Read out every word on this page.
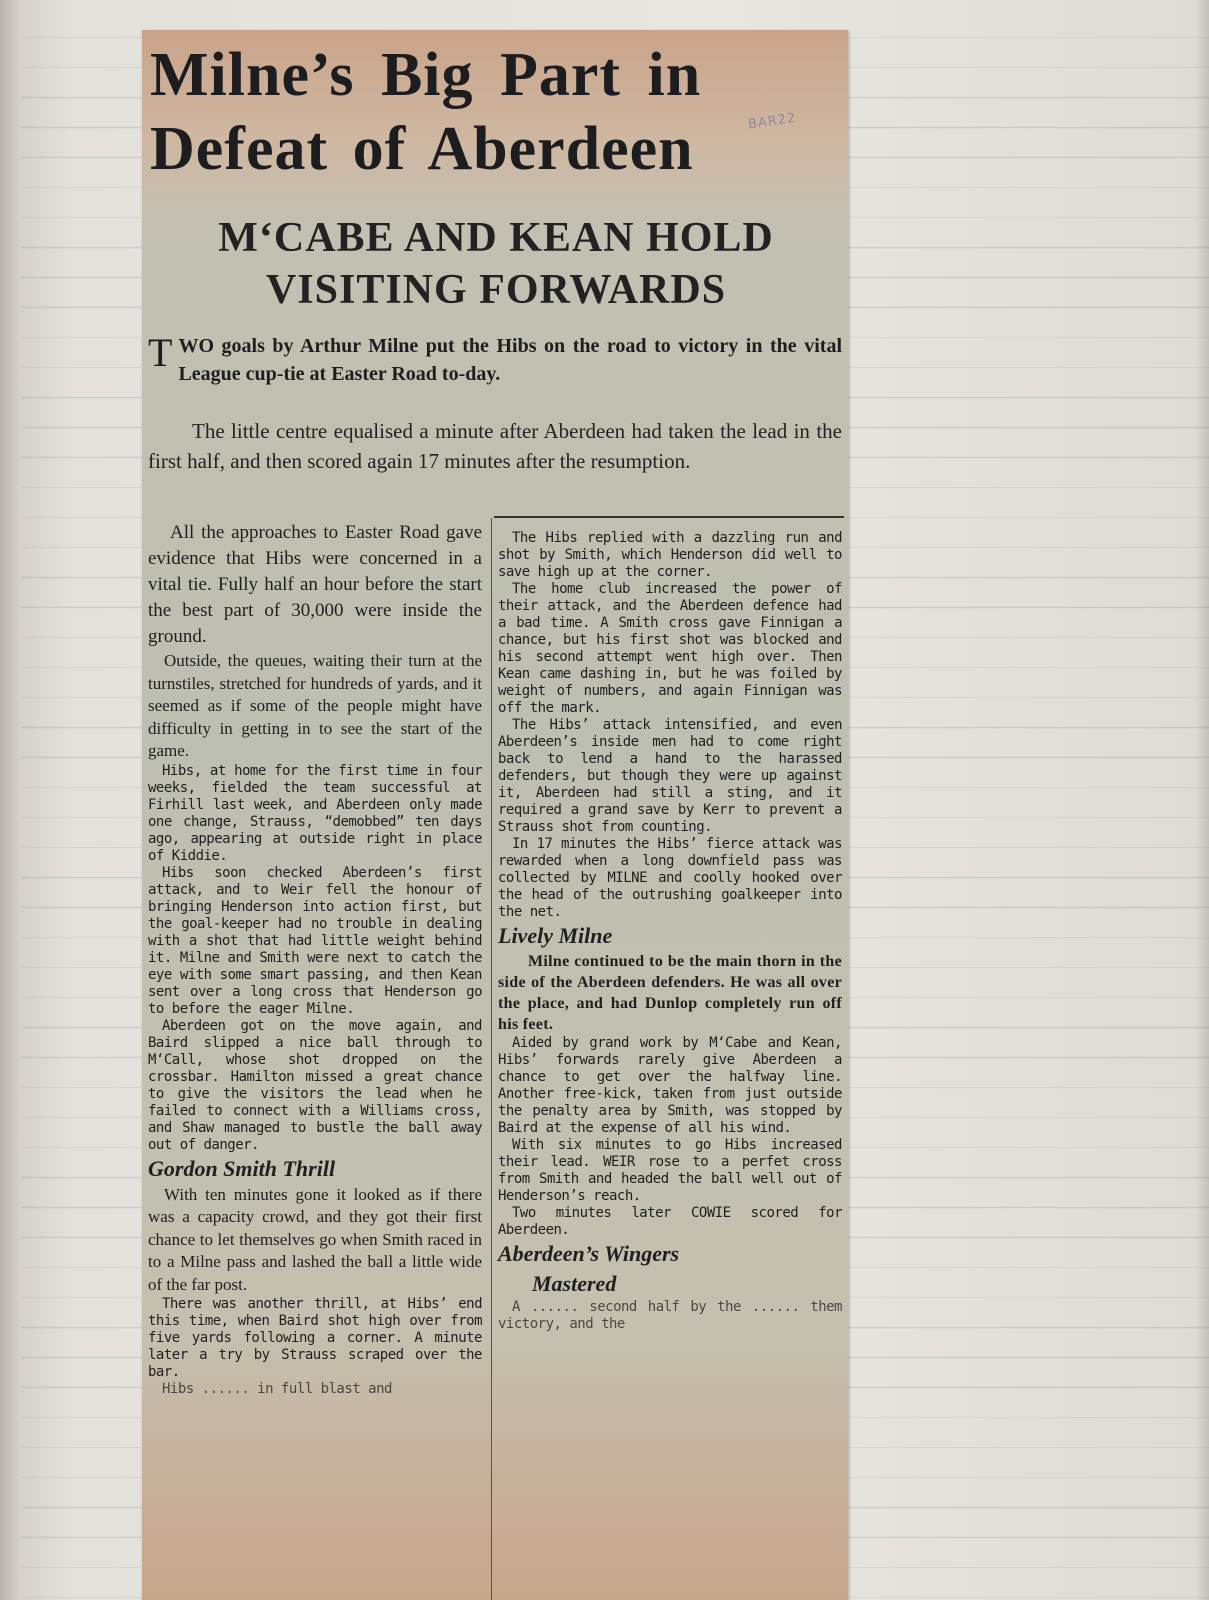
Milne’s Big Part in
Defeat of Aberdeen	BAR22
M‘CABE AND KEAN HOLD
VISITING FORWARDS
T WO goals by Arthur Milne put the Hibs on the road to victory in the vital League cup-tie at Easter Road to-day.
The little centre equalised a minute after Aberdeen had taken the lead in the first half, and then scored again 17 minutes after the resumption.

All the approaches to Easter Road gave evidence that Hibs were concerned in a vital tie. Fully half an hour before the start the best part of 30,000 were inside the ground.

Outside, the queues, waiting their turn at the turnstiles, stretched for hundreds of yards, and it seemed as if some of the people might have difficulty in getting in to see the start of the game.

Hibs, at home for the first time in four weeks, fielded the team successful at Firhill last week, and Aberdeen only made one change, Strauss, “demobbed” ten days ago, appearing at outside right in place of Kiddie.

Hibs soon checked Aberdeen’s first attack, and to Weir fell the honour of bringing Henderson into action first, but the goal-keeper had no trouble in dealing with a shot that had little weight behind it. Milne and Smith were next to catch the eye with some smart passing, and then Kean sent over a long cross that Henderson go to before the eager Milne.

Aberdeen got on the move again, and Baird slipped a nice ball through to M‘Call, whose shot dropped on the crossbar. Hamilton missed a great chance to give the visitors the lead when he failed to connect with a Williams cross, and Shaw managed to bustle the ball away out of danger.

Gordon Smith Thrill

With ten minutes gone it looked as if there was a capacity crowd, and they got their first chance to let themselves go when Smith raced in to a Milne pass and lashed the ball a little wide of the far post.

There was another thrill, at Hibs’ end this time, when Baird shot high over from five yards following a corner. A minute later a try by Strauss scraped over the bar.

Hibs ...... in full blast and

The Hibs replied with a dazzling run and shot by Smith, which Henderson did well to save high up at the corner.

The home club increased the power of their attack, and the Aberdeen defence had a bad time. A Smith cross gave Finnigan a chance, but his first shot was blocked and his second attempt went high over. Then Kean came dashing in, but he was foiled by weight of numbers, and again Finnigan was off the mark.

The Hibs’ attack intensified, and even Aberdeen’s inside men had to come right back to lend a hand to the harassed defenders, but though they were up against it, Aberdeen had still a sting, and it required a grand save by Kerr to prevent a Strauss shot from counting.

In 17 minutes the Hibs’ fierce attack was rewarded when a long downfield pass was collected by MILNE and coolly hooked over the head of the outrushing goalkeeper into the net.

Lively Milne

Milne continued to be the main thorn in the side of the Aberdeen defenders. He was all over the place, and had Dunlop completely run off his feet.

Aided by grand work by M‘Cabe and Kean, Hibs’ forwards rarely give Aberdeen a chance to get over the halfway line. Another free-kick, taken from just outside the penalty area by Smith, was stopped by Baird at the expense of all his wind.

With six minutes to go Hibs increased their lead. WEIR rose to a perfet cross from Smith and headed the ball well out of Henderson’s reach.

Two minutes later COWIE scored for Aberdeen.

Aberdeen’s Wingers

Mastered

A ...... second half by the ...... them victory, and the
